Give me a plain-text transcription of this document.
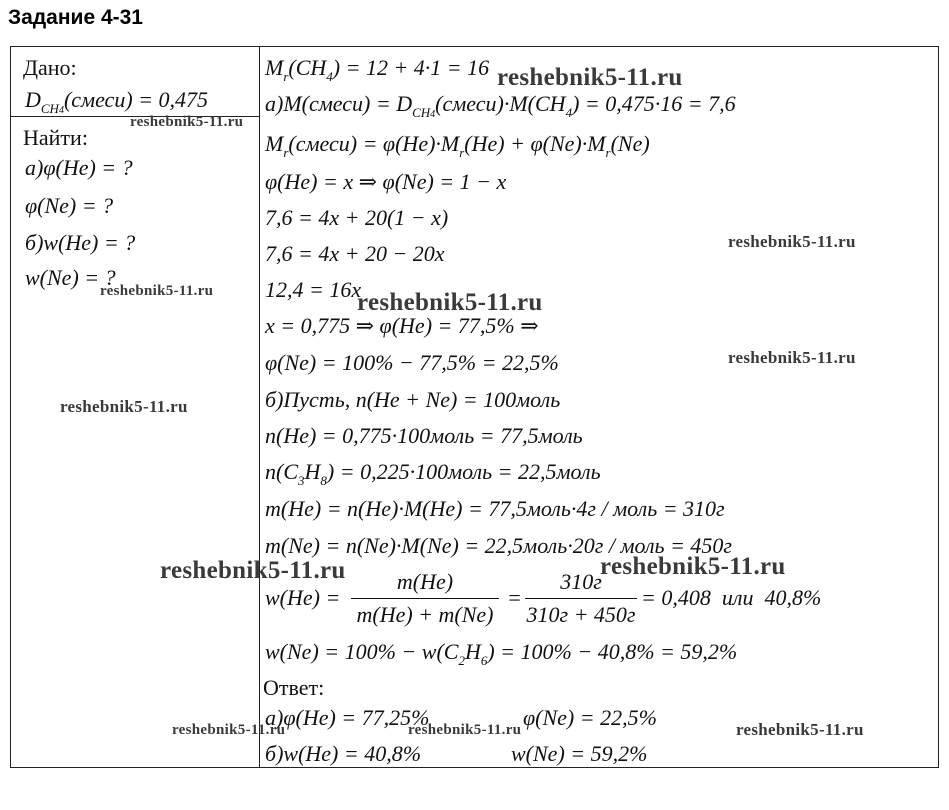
Задание 4-31
Дано:
$D_{CH4}(смеси) = 0,475$
Найти:
а)φ(He) = ?
φ(Ne) = ?
б)w(He) = ?
w(Ne) = ?
$M_r(CH_4) = 12 + 4\cdot 1 = 16$
а)M(смеси) = $D_{CH4}(смеси)\cdot M(CH_4) = 0,475\cdot 16 = 7,6$
$M_r(смеси) = \varphi(He)\cdot M_r(He) + \varphi(Ne)\cdot M_r(Ne)$
φ(He) = x ⇒ φ(Ne) = 1 − x
7,6 = 4x + 20(1 − x)
7,6 = 4x + 20 − 20x
12,4 = 16x
x = 0,775 ⇒ φ(He) = 77,5% ⇒
φ(Ne) = 100% − 77,5% = 22,5%
б)Пусть, n(He + Ne) = 100моль
n(He) = 0,775·100моль = 77,5моль
$n(C_3H_8)$ = 0,225·100моль = 22,5моль
m(He) = n(He)·M(He) = 77,5моль·4г / моль = 310г
m(Ne) = n(Ne)·M(Ne) = 22,5моль·20г / моль = 450г
w(He) =
m(He)
m(He) + m(Ne)
=
310г
310г + 450г
= 0,408 или 40,8%
$w(Ne) = 100\% - w(C_2H_6) = 100\% - 40,8\% = 59,2\%$
Ответ:
а)φ(He) = 77,25%	φ(Ne) = 22,5%
б)w(He) = 40,8%	w(Ne) = 59,2%
reshebnik5-11.ru
reshebnik5-11.ru
reshebnik5-11.ru
reshebnik5-11.ru	reshebnik5-11.ru
reshebnik5-11.ru
reshebnik5-11.ru
reshebnik5-11.ru	reshebnik5-11.ru
reshebnik5-11.ru	reshebnik5-11.ru	reshebnik5-11.ru
